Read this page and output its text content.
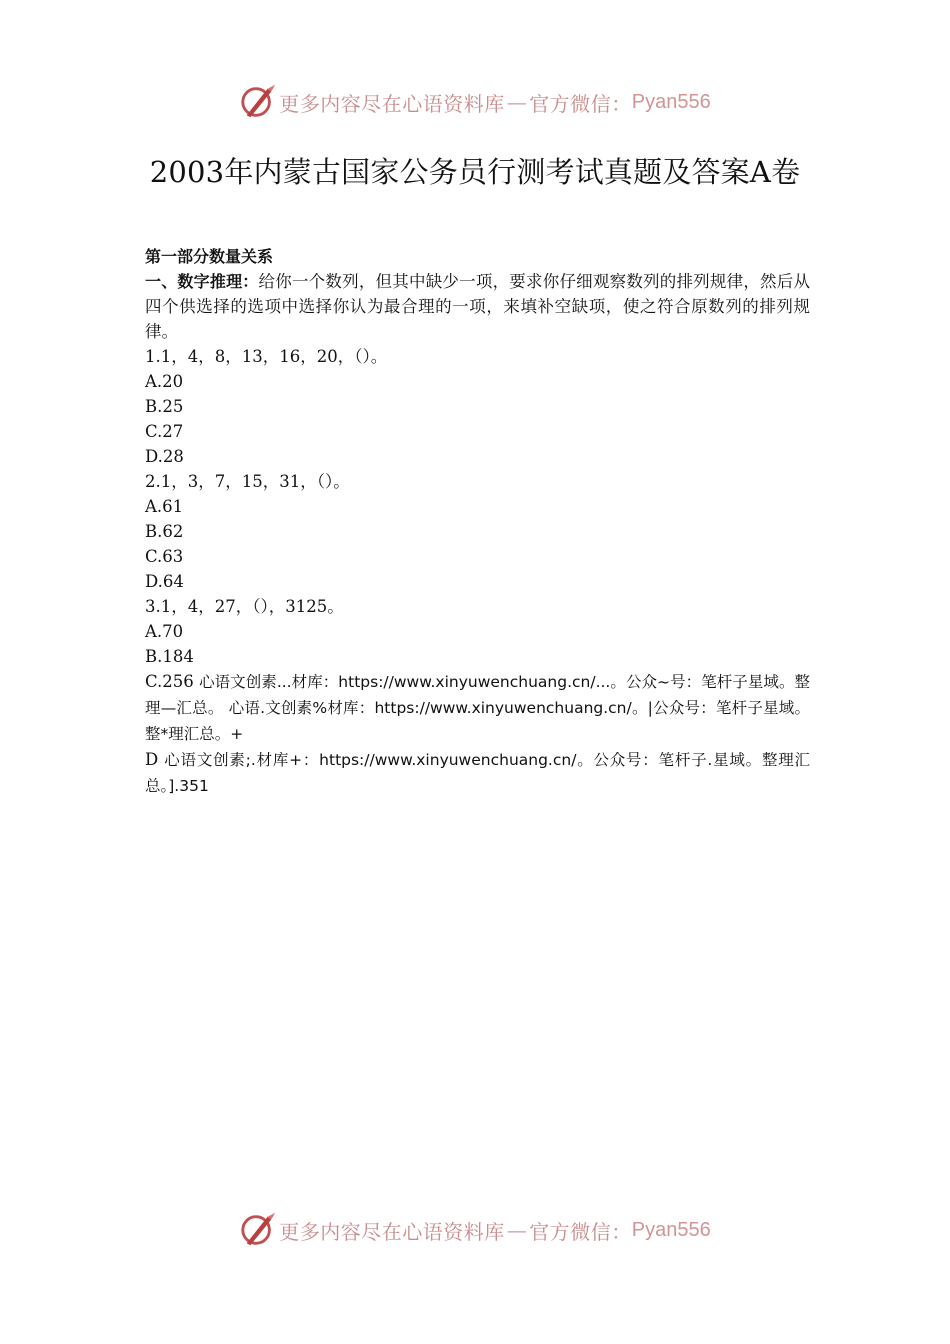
更多内容尽在心语资料库 — 官方微信： Pyan556
2003年内蒙古国家公务员行测考试真题及答案A卷

第一部分数量关系

一、数字推理：给你一个数列，但其中缺少一项，要求你仔细观察数列的排列规律，然后从四个供选择的选项中选择你认为最合理的一项，来填补空缺项，使之符合原数列的排列规律。

1.1，4，8，13，16，20，（）。

A.20

B.25

C.27

D.28

2.1，3，7，15，31，（）。

A.61

B.62

C.63

D.64

3.1，4，27，（），3125。

A.70

B.184

C.256 心语文创素...材库：https://www.xinyuwenchuang.cn/...。公众~号：笔杆子星域。整理—汇总。 心语.文创素%材库：https://www.xinyuwenchuang.cn/。|公众号：笔杆子星域。整*理汇总。+

D 心语文创素;.材库+：https://www.xinyuwenchuang.cn/。公众号：笔杆子.星域。整理汇总。].351

更多内容尽在心语资料库 — 官方微信： Pyan556
